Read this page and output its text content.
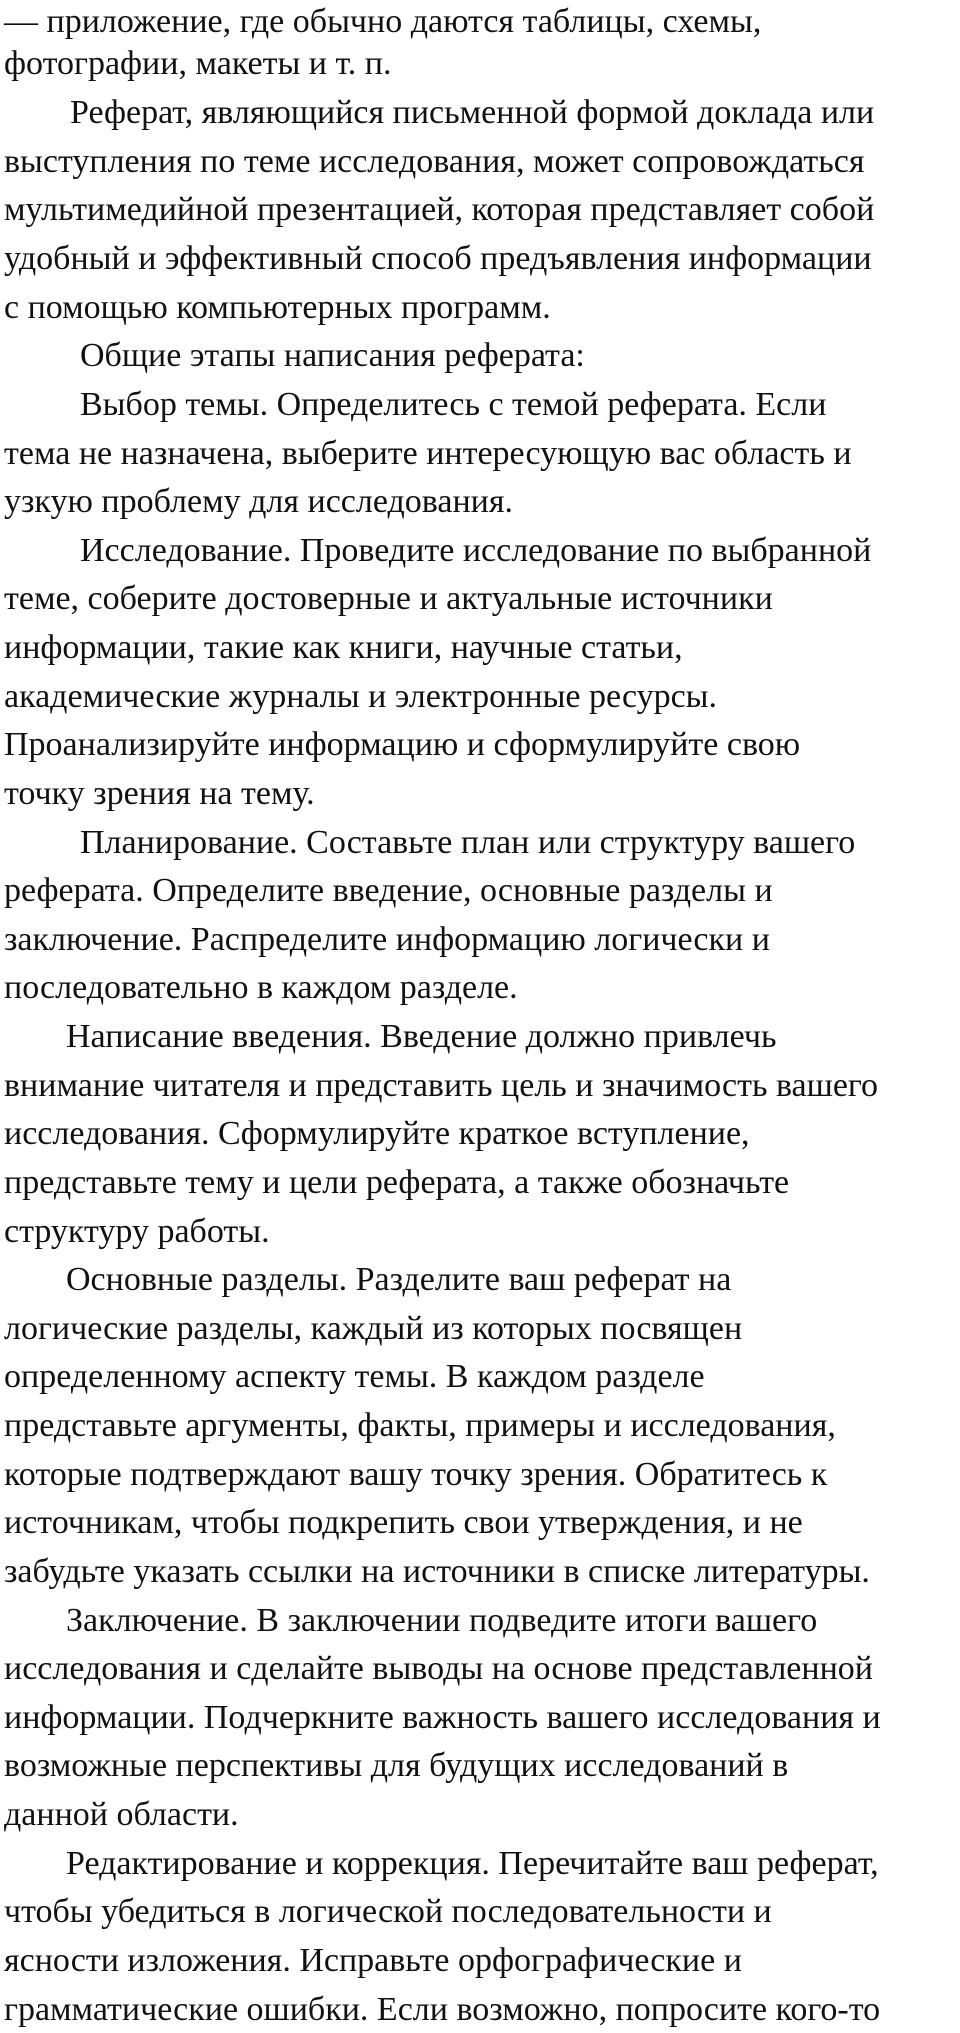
— приложение, где обычно даются таблицы, схемы,
фотографии, макеты и т. п.
Реферат, являющийся письменной формой доклада или
выступления по теме исследования, может сопровождаться
мультимедийной презентацией, которая представляет собой
удобный и эффективный способ предъявления информации
с помощью компьютерных программ.
Общие этапы написания реферата:
Выбор темы. Определитесь с темой реферата. Если
тема не назначена, выберите интересующую вас область и
узкую проблему для исследования.
Исследование. Проведите исследование по выбранной
теме, соберите достоверные и актуальные источники
информации, такие как книги, научные статьи,
академические журналы и электронные ресурсы.
Проанализируйте информацию и сформулируйте свою
точку зрения на тему.
Планирование. Составьте план или структуру вашего
реферата. Определите введение, основные разделы и
заключение. Распределите информацию логически и
последовательно в каждом разделе.
Написание введения. Введение должно привлечь
внимание читателя и представить цель и значимость вашего
исследования. Сформулируйте краткое вступление,
представьте тему и цели реферата, а также обозначьте
структуру работы.
Основные разделы. Разделите ваш реферат на
логические разделы, каждый из которых посвящен
определенному аспекту темы. В каждом разделе
представьте аргументы, факты, примеры и исследования,
которые подтверждают вашу точку зрения. Обратитесь к
источникам, чтобы подкрепить свои утверждения, и не
забудьте указать ссылки на источники в списке литературы.
Заключение. В заключении подведите итоги вашего
исследования и сделайте выводы на основе представленной
информации. Подчеркните важность вашего исследования и
возможные перспективы для будущих исследований в
данной области.
Редактирование и коррекция. Перечитайте ваш реферат,
чтобы убедиться в логической последовательности и
ясности изложения. Исправьте орфографические и
грамматические ошибки. Если возможно, попросите кого-то
